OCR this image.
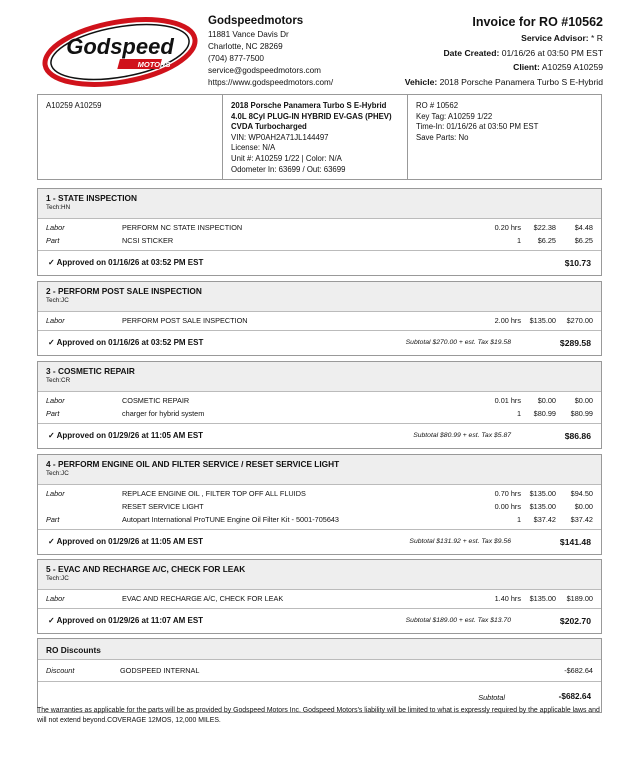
Godspeed
MOTORS
Godspeedmotors
11881 Vance Davis Dr
Charlotte, NC 28269
(704) 877-7500
service@godspeedmotors.com
https://www.godspeedmotors.com/
Invoice for RO #10562
Service Advisor: * R
Date Created: 01/16/26 at 03:50 PM EST
Client: A10259 A10259
Vehicle: 2018 Porsche Panamera Turbo S E-Hybrid
A10259 A10259	2018 Porsche Panamera Turbo S E-Hybrid
4.0L 8Cyl PLUG-IN HYBRID EV-GAS (PHEV)
CVDA Turbocharged
VIN: WP0AH2A71JL144497
License: N/A
Unit #: A10259 1/22 | Color: N/A
Odometer In: 63699 / Out: 63699
RO # 10562
Key Tag: A10259 1/22
Time-In: 01/16/26 at 03:50 PM EST
Save Parts: No
1 - STATE INSPECTION
Tech:HN
Labor	PERFORM NC STATE INSPECTION	0.20 hrs $22.38	$4.48
Part	NCSI STICKER	1 $6.25	$6.25
✓ Approved on 01/16/26 at 03:52 PM EST	$10.73
2 - PERFORM POST SALE INSPECTION
Tech:JC
Labor	PERFORM POST SALE INSPECTION	2.00 hrs $135.00 $270.00
✓ Approved on 01/16/26 at 03:52 PM EST	Subtotal $270.00 + est. Tax $19.58	$289.58
3 - COSMETIC REPAIR
Tech:CR
Labor	COSMETIC REPAIR	0.01 hrs $0.00	$0.00
Part	charger for hybrid system	1 $80.99 $80.99
✓ Approved on 01/29/26 at 11:05 AM EST	Subtotal $80.99 + est. Tax $5.87	$86.86
4 - PERFORM ENGINE OIL AND FILTER SERVICE / RESET SERVICE LIGHT
Tech:JC
Labor	REPLACE ENGINE OIL , FILTER TOP OFF ALL FLUIDS	0.70 hrs $135.00 $94.50
RESET SERVICE LIGHT	0.00 hrs $135.00	$0.00
Part	Autopart International ProTUNE Engine Oil Filter Kit - 5001-705643	1 $37.42 $37.42
✓ Approved on 01/29/26 at 11:05 AM EST	Subtotal $131.92 + est. Tax $9.56	$141.48
5 - EVAC AND RECHARGE A/C, CHECK FOR LEAK
Tech:JC
Labor	EVAC AND RECHARGE A/C, CHECK FOR LEAK	1.40 hrs $135.00 $189.00
✓ Approved on 01/29/26 at 11:07 AM EST	Subtotal $189.00 + est. Tax $13.70	$202.70
RO Discounts
Discount	GODSPEED INTERNAL	-$682.64
Subtotal	-$682.64
The warranties as applicable for the parts will be as provided by Godspeed Motors Inc. Godspeed Motors's liability will be limited to what is expressly required by the applicable laws and will not extend beyond.COVERAGE 12MOS, 12,000 MILES.
